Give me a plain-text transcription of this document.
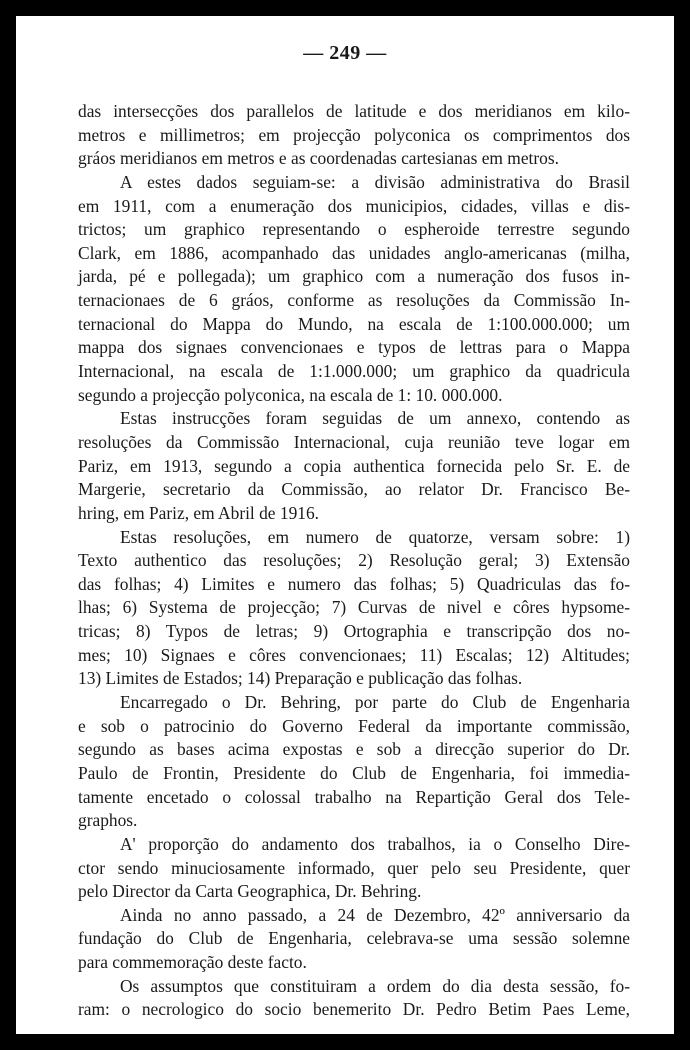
— 249 —
das intersecções dos parallelos de latitude e dos meridianos em kilo-
metros e millimetros; em projecção polyconica os comprimentos dos
gráos meridianos em metros e as coordenadas cartesianas em metros.
A estes dados seguiam-se: a divisão administrativa do Brasil
em 1911, com a enumeração dos municipios, cidades, villas e dis-
trictos; um graphico representando o espheroide terrestre segundo
Clark, em 1886, acompanhado das unidades anglo-americanas (milha,
jarda, pé e pollegada); um graphico com a numeração dos fusos in-
ternacionaes de 6 gráos, conforme as resoluções da Commissão In-
ternacional do Mappa do Mundo, na escala de 1:100.000.000; um
mappa dos signaes convencionaes e typos de lettras para o Mappa
Internacional, na escala de 1:1.000.000; um graphico da quadricula
segundo a projecção polyconica, na escala de 1: 10. 000.000.
Estas instrucções foram seguidas de um annexo, contendo as
resoluções da Commissão Internacional, cuja reunião teve logar em
Pariz, em 1913, segundo a copia authentica fornecida pelo Sr. E. de
Margerie, secretario da Commissão, ao relator Dr. Francisco Be-
hring, em Pariz, em Abril de 1916.
Estas resoluções, em numero de quatorze, versam sobre: 1)
Texto authentico das resoluções; 2) Resolução geral; 3) Extensão
das folhas; 4) Limites e numero das folhas; 5) Quadriculas das fo-
lhas; 6) Systema de projecção; 7) Curvas de nivel e côres hypsome-
tricas; 8) Typos de letras; 9) Ortographia e transcripção dos no-
mes; 10) Signaes e côres convencionaes; 11) Escalas; 12) Altitudes;
13) Limites de Estados; 14) Preparação e publicação das folhas.
Encarregado o Dr. Behring, por parte do Club de Engenharia
e sob o patrocinio do Governo Federal da importante commissão,
segundo as bases acima expostas e sob a direcção superior do Dr.
Paulo de Frontin, Presidente do Club de Engenharia, foi immedia-
tamente encetado o colossal trabalho na Repartição Geral dos Tele-
graphos.
A' proporção do andamento dos trabalhos, ia o Conselho Dire-
ctor sendo minuciosamente informado, quer pelo seu Presidente, quer
pelo Director da Carta Geographica, Dr. Behring.
Ainda no anno passado, a 24 de Dezembro, 42º anniversario da
fundação do Club de Engenharia, celebrava-se uma sessão solemne
para commemoração deste facto.
Os assumptos que constituiram a ordem do dia desta sessão, fo-
ram: o necrologico do socio benemerito Dr. Pedro Betim Paes Leme,
